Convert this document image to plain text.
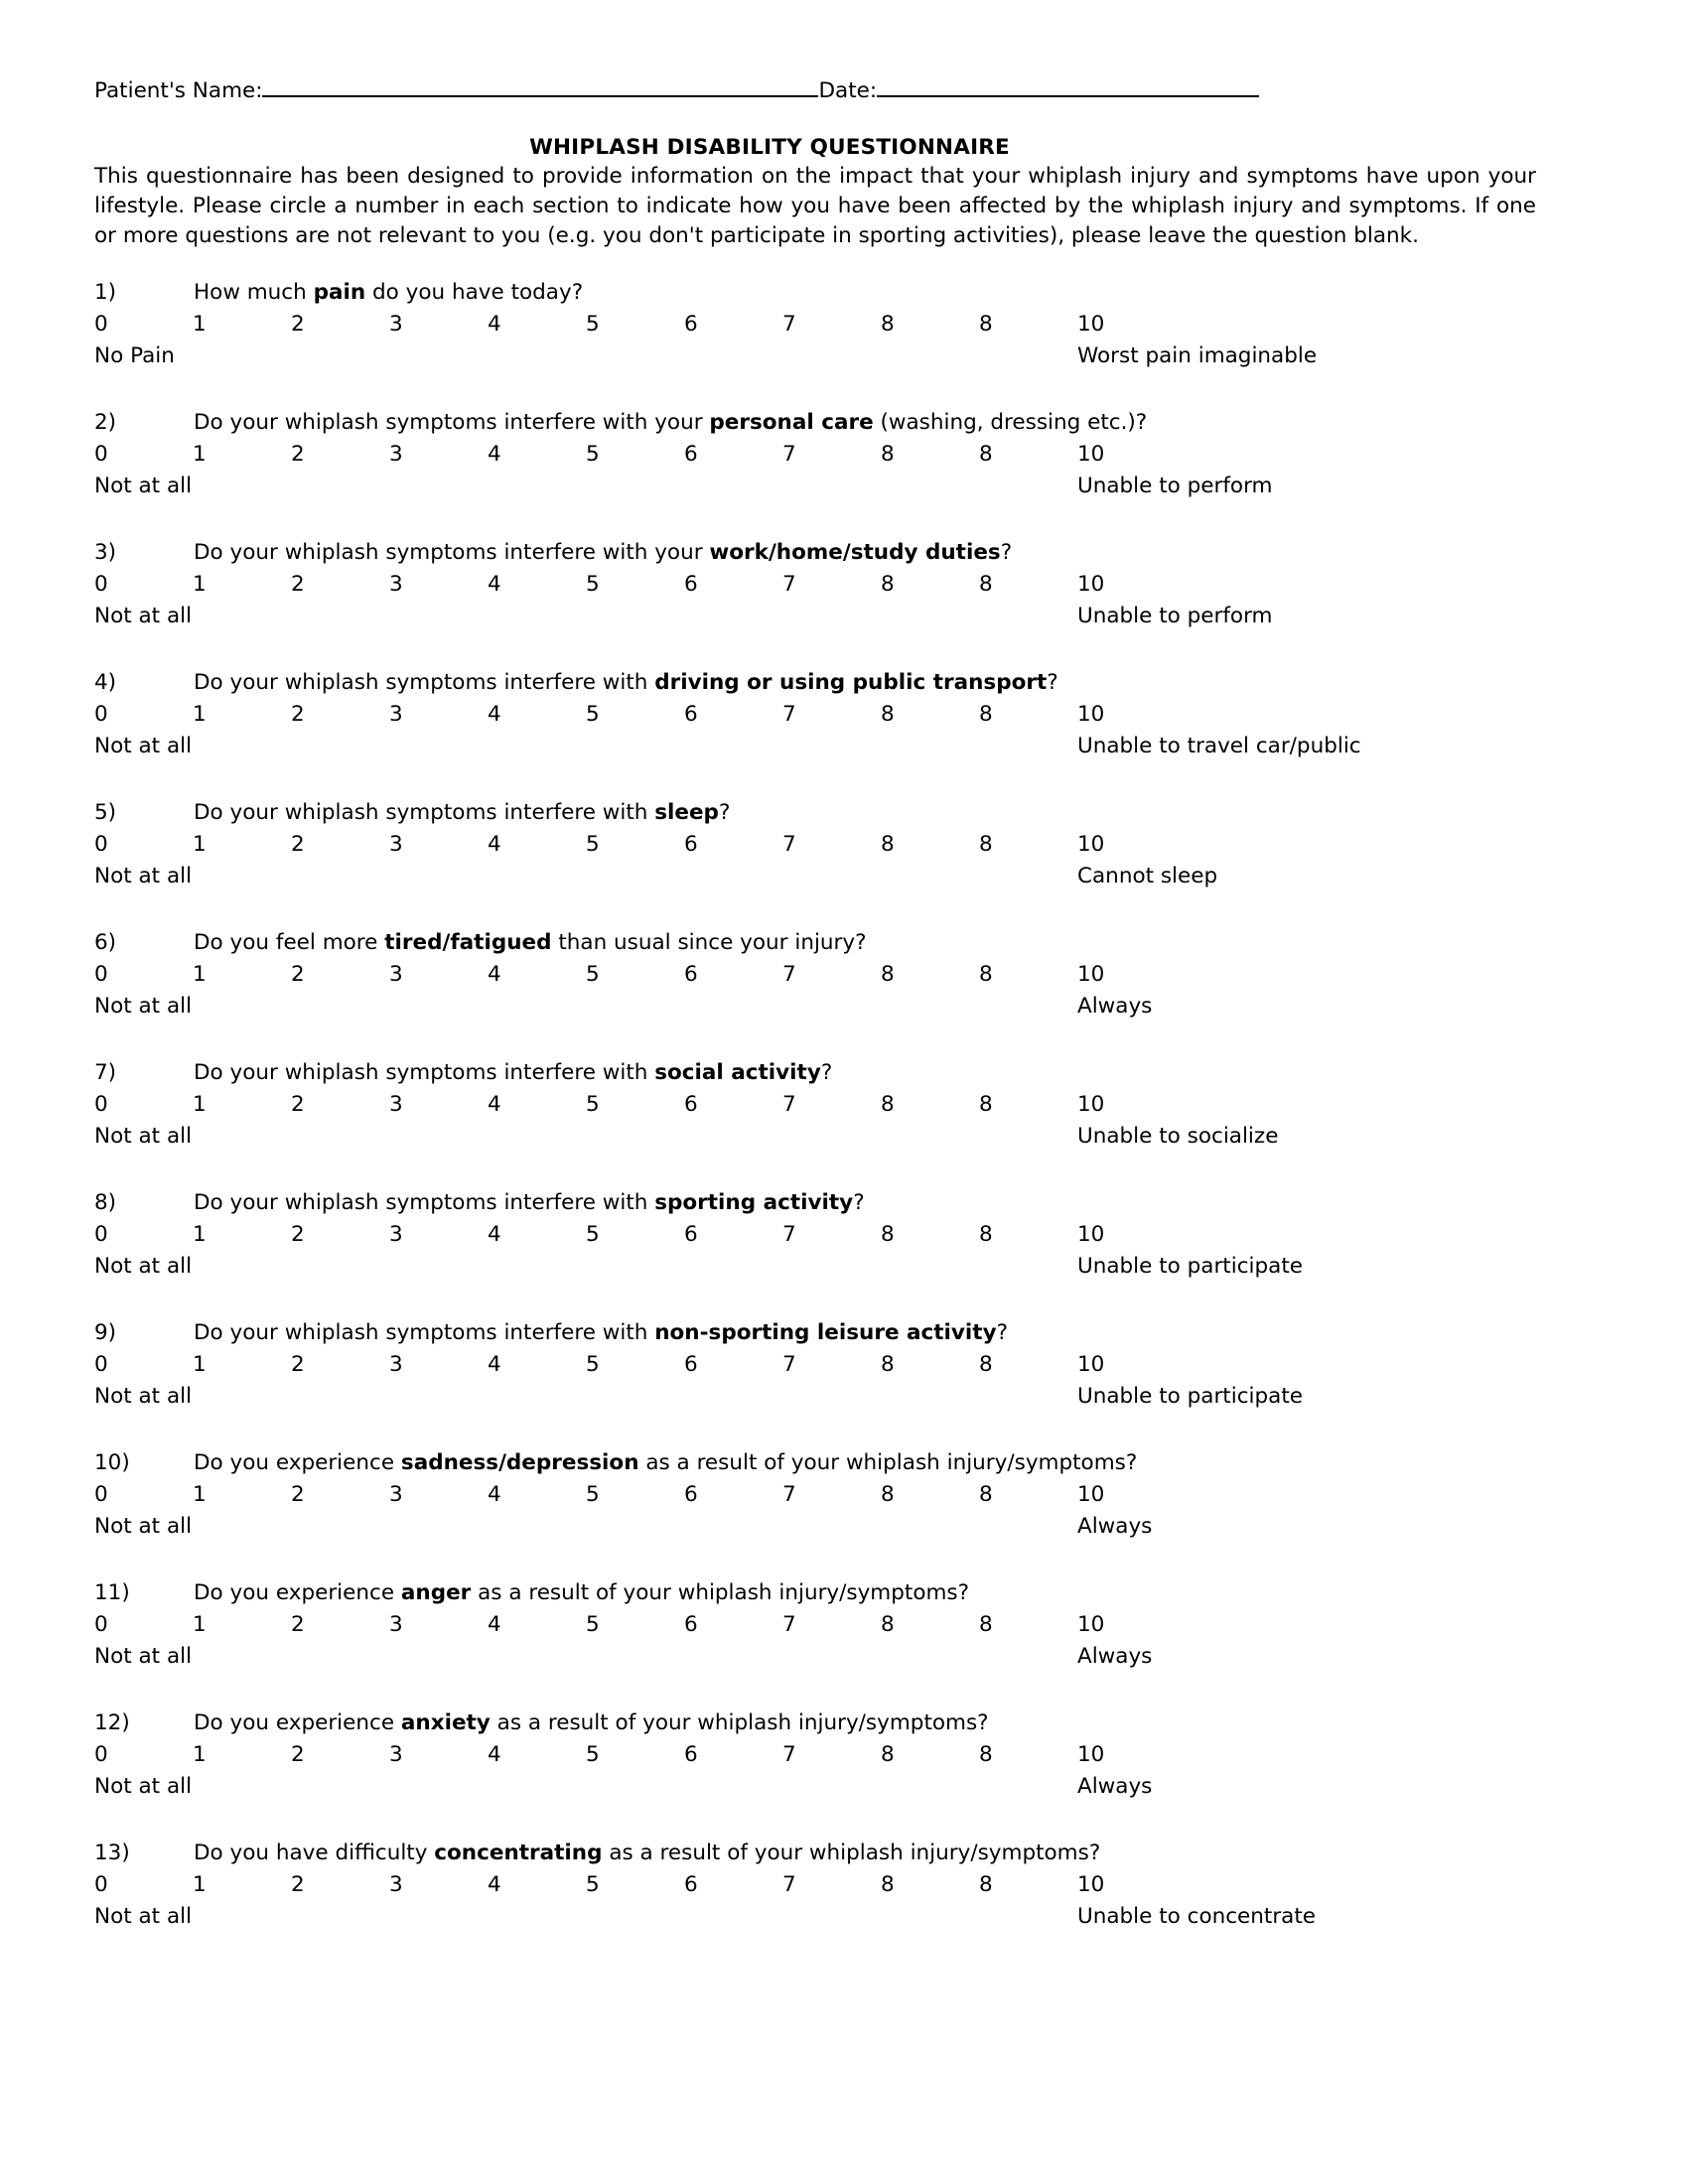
Patient's Name:	Date:
WHIPLASH DISABILITY QUESTIONNAIRE
This questionnaire has been designed to provide information on the impact that your whiplash injury and symptoms have upon your lifestyle. Please circle a number in each section to indicate how you have been affected by the whiplash injury and symptoms. If one or more questions are not relevant to you (e.g. you don't participate in sporting activities), please leave the question blank.
1)	How much pain do you have today?
0	1	2	3	4	5	6	7	8	8	10
No Pain	Worst pain imaginable
2)	Do your whiplash symptoms interfere with your personal care (washing, dressing etc.)?
0	1	2	3	4	5	6	7	8	8	10
Not at all	Unable to perform
3)	Do your whiplash symptoms interfere with your work/home/study duties?
0	1	2	3	4	5	6	7	8	8	10
Not at all	Unable to perform
4)	Do your whiplash symptoms interfere with driving or using public transport?
0	1	2	3	4	5	6	7	8	8	10
Not at all	Unable to travel car/public
5)	Do your whiplash symptoms interfere with sleep?
0	1	2	3	4	5	6	7	8	8	10
Not at all	Cannot sleep
6)	Do you feel more tired/fatigued than usual since your injury?
0	1	2	3	4	5	6	7	8	8	10
Not at all	Always
7)	Do your whiplash symptoms interfere with social activity?
0	1	2	3	4	5	6	7	8	8	10
Not at all	Unable to socialize
8)	Do your whiplash symptoms interfere with sporting activity?
0	1	2	3	4	5	6	7	8	8	10
Not at all	Unable to participate
9)	Do your whiplash symptoms interfere with non-sporting leisure activity?
0	1	2	3	4	5	6	7	8	8	10
Not at all	Unable to participate
10)	Do you experience sadness/depression as a result of your whiplash injury/symptoms?
0	1	2	3	4	5	6	7	8	8	10
Not at all	Always
11)	Do you experience anger as a result of your whiplash injury/symptoms?
0	1	2	3	4	5	6	7	8	8	10
Not at all	Always
12)	Do you experience anxiety as a result of your whiplash injury/symptoms?
0	1	2	3	4	5	6	7	8	8	10
Not at all	Always
13)	Do you have difficulty concentrating as a result of your whiplash injury/symptoms?
0	1	2	3	4	5	6	7	8	8	10
Not at all	Unable to concentrate
